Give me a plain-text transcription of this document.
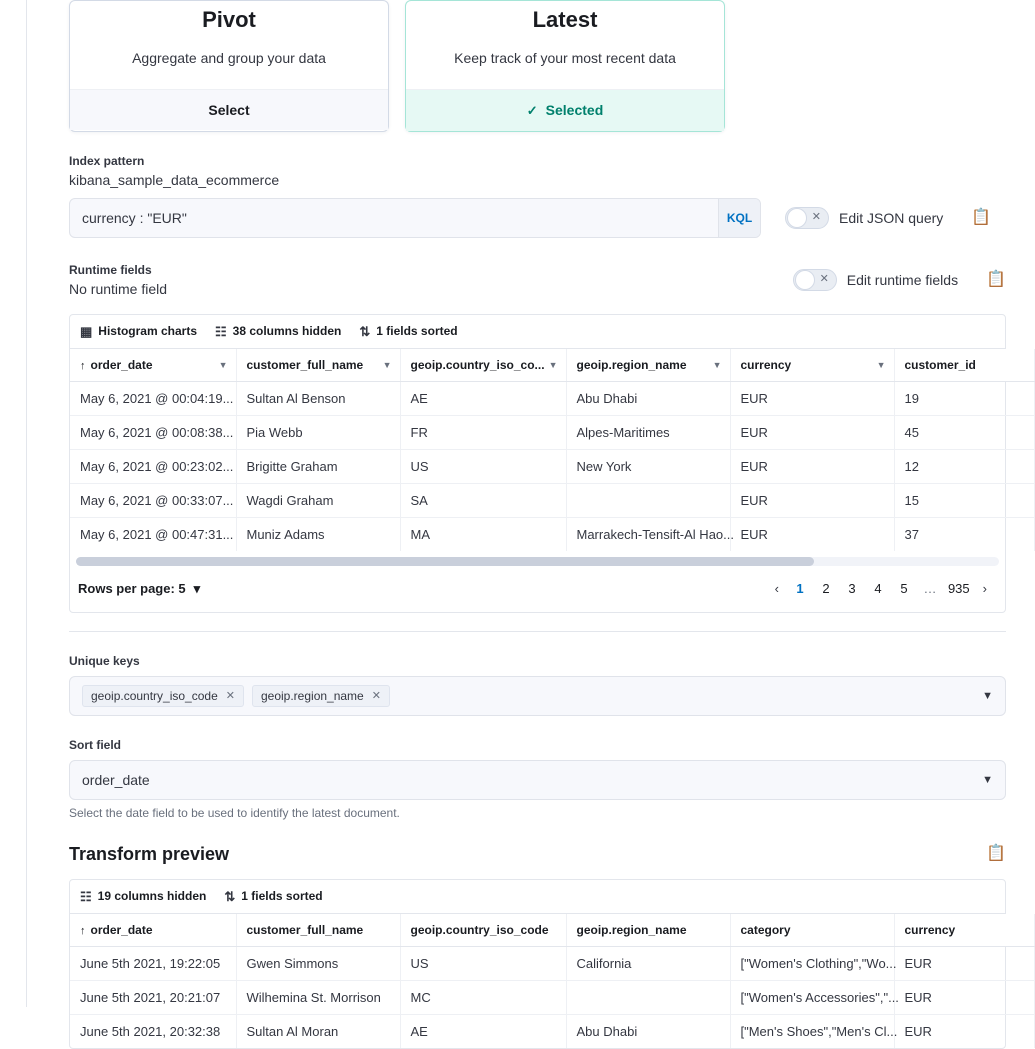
Pivot
Aggregate and group your data
Select
Latest
Keep track of your most recent data
✓ Selected
Index pattern
kibana_sample_data_ecommerce
currency : "EUR"	KQL	✕ Edit JSON query 📋
Runtime fields
No runtime field
✕ Edit runtime fields 📋
▦ Histogram charts ☷ 38 columns hidden ⇅ 1 fields sorted
↑ order_date ▼	customer_full_name ▼	geoip.country_iso_co... ▼	geoip.region_name ▼	currency ▼	customer_id
May 6, 2021 @ 00:04:19...	Sultan Al Benson	AE	Abu Dhabi	EUR	19
May 6, 2021 @ 00:08:38...	Pia Webb	FR	Alpes-Maritimes	EUR	45
May 6, 2021 @ 00:23:02...	Brigitte Graham	US	New York	EUR	12
May 6, 2021 @ 00:33:07...	Wagdi Graham	SA		EUR	15
May 6, 2021 @ 00:47:31...	Muniz Adams	MA	Marrakech-Tensift-Al Hao...	EUR	37
Rows per page: 5 ▾	‹	1	2	3	4	5	… 935	›
Unique keys
geoip.country_iso_code ✕ geoip.region_name ✕	▼
Sort field
order_date	▼
Select the date field to be used to identify the latest document.
Transform preview	📋
☷ 19 columns hidden ⇅ 1 fields sorted
↑ order_date	customer_full_name	geoip.country_iso_code	geoip.region_name	category	currency
June 5th 2021, 19:22:05	Gwen Simmons	US	California	["Women's Clothing","Wo...	EUR
June 5th 2021, 20:21:07	Wilhemina St. Morrison	MC		["Women's Accessories","...	EUR
June 5th 2021, 20:32:38	Sultan Al Moran	AE	Abu Dhabi	["Men's Shoes","Men's Cl...	EUR
